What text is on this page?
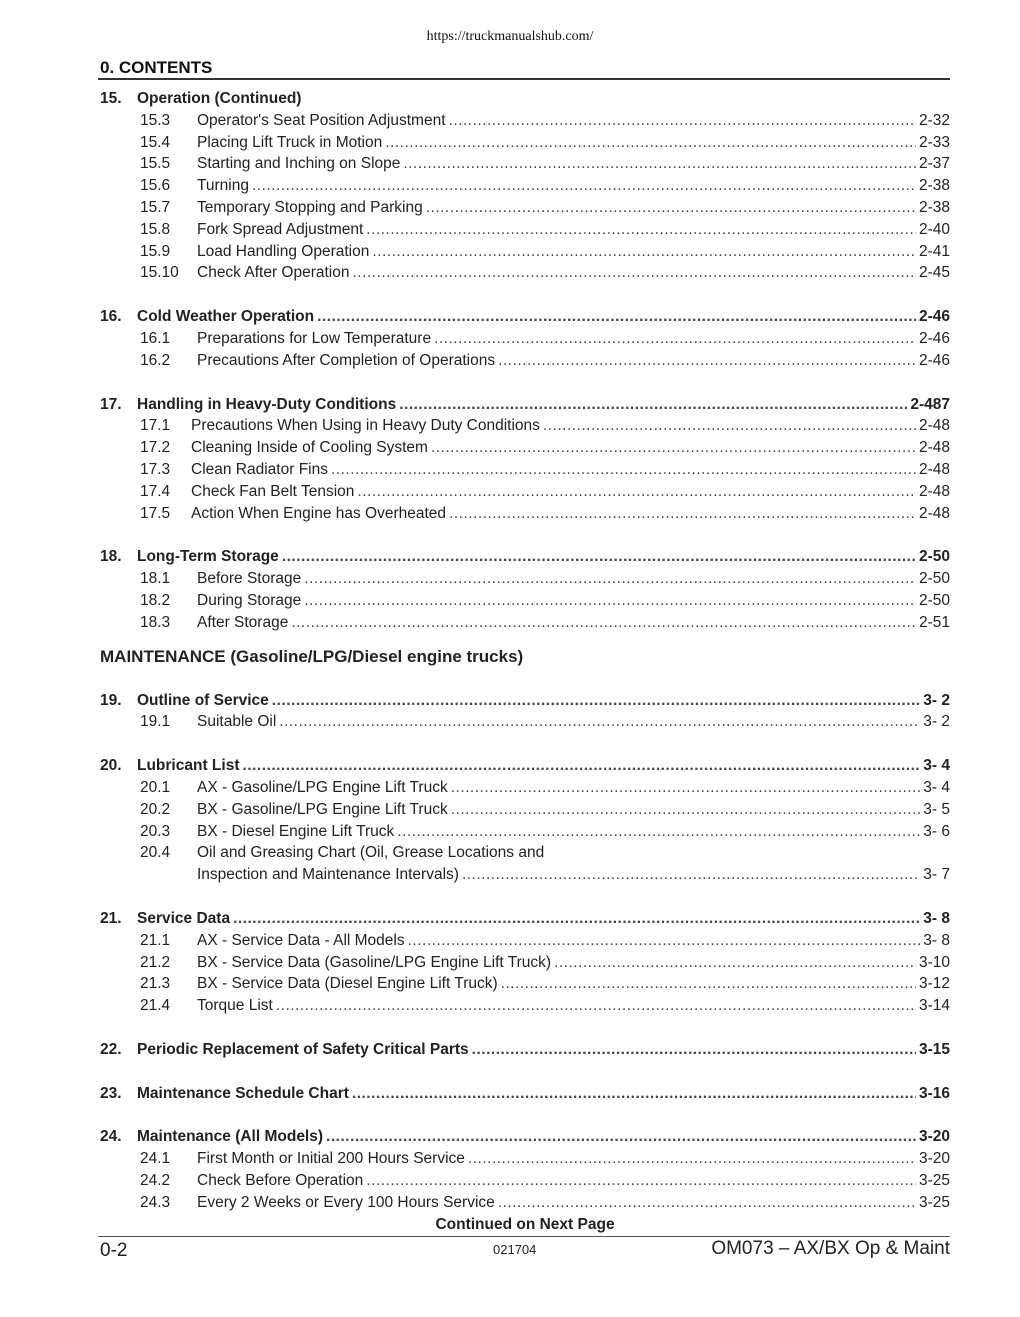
https://truckmanualshub.com/
0. CONTENTS
15. Operation (Continued)
15.3	Operator's Seat Position Adjustment .....	2-32
15.4	Placing Lift Truck in Motion .....	2-33
15.5	Starting and Inching on Slope .....	2-37
15.6	Turning .....	2-38
15.7	Temporary Stopping and Parking .....	2-38
15.8	Fork Spread Adjustment .....	2-40
15.9	Load Handling Operation .....	2-41
15.10	Check After Operation .....	2-45
16. Cold Weather Operation .....	2-46
16.1	Preparations for Low Temperature .....	2-46
16.2	Precautions After Completion of Operations .....	2-46
17. Handling in Heavy-Duty Conditions .....	2-487
17.1	Precautions When Using in Heavy Duty Conditions .....	2-48
17.2	Cleaning Inside of Cooling System .....	2-48
17.3	Clean Radiator Fins .....	2-48
17.4	Check Fan Belt Tension .....	2-48
17.5	Action When Engine has Overheated .....	2-48
18. Long-Term Storage .....	2-50
18.1	Before Storage .....	2-50
18.2	During Storage .....	2-50
18.3	After Storage .....	2-51
MAINTENANCE (Gasoline/LPG/Diesel engine trucks)
19. Outline of Service .....	3- 2
19.1	Suitable Oil .....	3- 2
20. Lubricant List .....	3- 4
20.1	AX - Gasoline/LPG Engine Lift Truck .....	3- 4
20.2	BX - Gasoline/LPG Engine Lift Truck .....	3- 5
20.3	BX - Diesel Engine Lift Truck .....	3- 6
20.4	Oil and Greasing Chart (Oil, Grease Locations and
Inspection and Maintenance Intervals) .....	3- 7
21. Service Data .....	3- 8
21.1	AX - Service Data - All Models .....	3- 8
21.2	BX - Service Data (Gasoline/LPG Engine Lift Truck) .....	3-10
21.3	BX - Service Data (Diesel Engine Lift Truck) .....	3-12
21.4	Torque List .....	3-14
22. Periodic Replacement of Safety Critical Parts .....	3-15
23. Maintenance Schedule Chart .....	3-16
24. Maintenance (All Models) .....	3-20
24.1	First Month or Initial 200 Hours Service .....	3-20
24.2	Check Before Operation .....	3-25
24.3	Every 2 Weeks or Every 100 Hours Service .....	3-25
Continued on Next Page
0-2	021704	OM073 – AX/BX Op & Maint
